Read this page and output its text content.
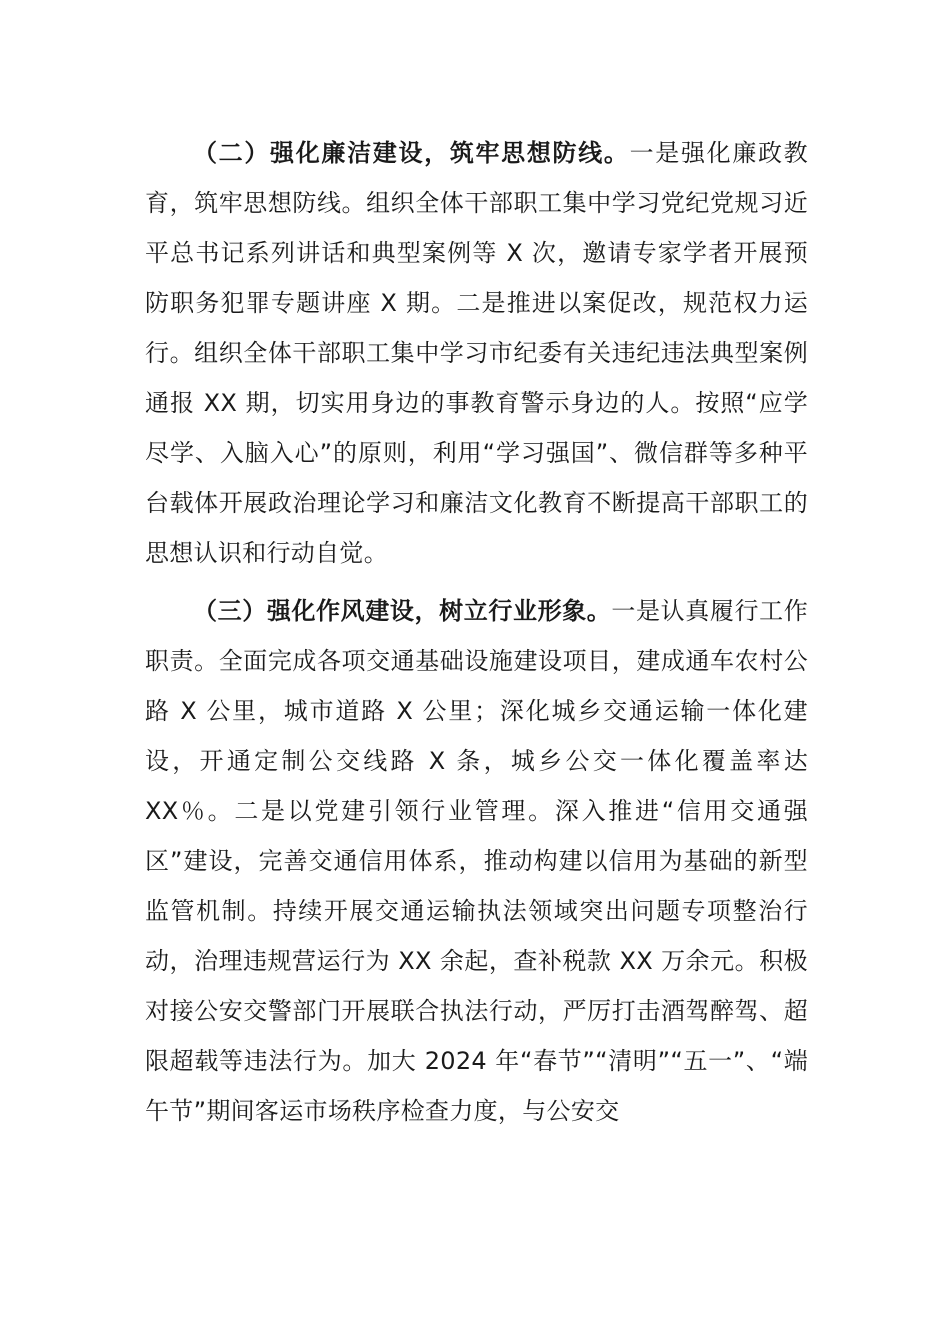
（二）强化廉洁建设，筑牢思想防线。一是强化廉政教育，筑牢思想防线。组织全体干部职工集中学习党纪党规习近平总书记系列讲话和典型案例等 X 次，邀请专家学者开展预防职务犯罪专题讲座 X 期。二是推进以案促改，规范权力运行。组织全体干部职工集中学习市纪委有关违纪违法典型案例通报 XX 期，切实用身边的事教育警示身边的人。按照“应学尽学、入脑入心”的原则，利用“学习强国”、微信群等多种平台载体开展政治理论学习和廉洁文化教育不断提高干部职工的思想认识和行动自觉。

（三）强化作风建设，树立行业形象。一是认真履行工作职责。全面完成各项交通基础设施建设项目，建成通车农村公路 X 公里，城市道路 X 公里；深化城乡交通运输一体化建设，开通定制公交线路 X 条，城乡公交一体化覆盖率达 XX％。二是以党建引领行业管理。深入推进“信用交通强区”建设，完善交通信用体系，推动构建以信用为基础的新型监管机制。持续开展交通运输执法领域突出问题专项整治行动，治理违规营运行为 XX 余起，查补税款 XX 万余元。积极对接公安交警部门开展联合执法行动，严厉打击酒驾醉驾、超限超载等违法行为。加大 2024 年“春节”“清明”“五一”、“端午节”期间客运市场秩序检查力度，与公安交
